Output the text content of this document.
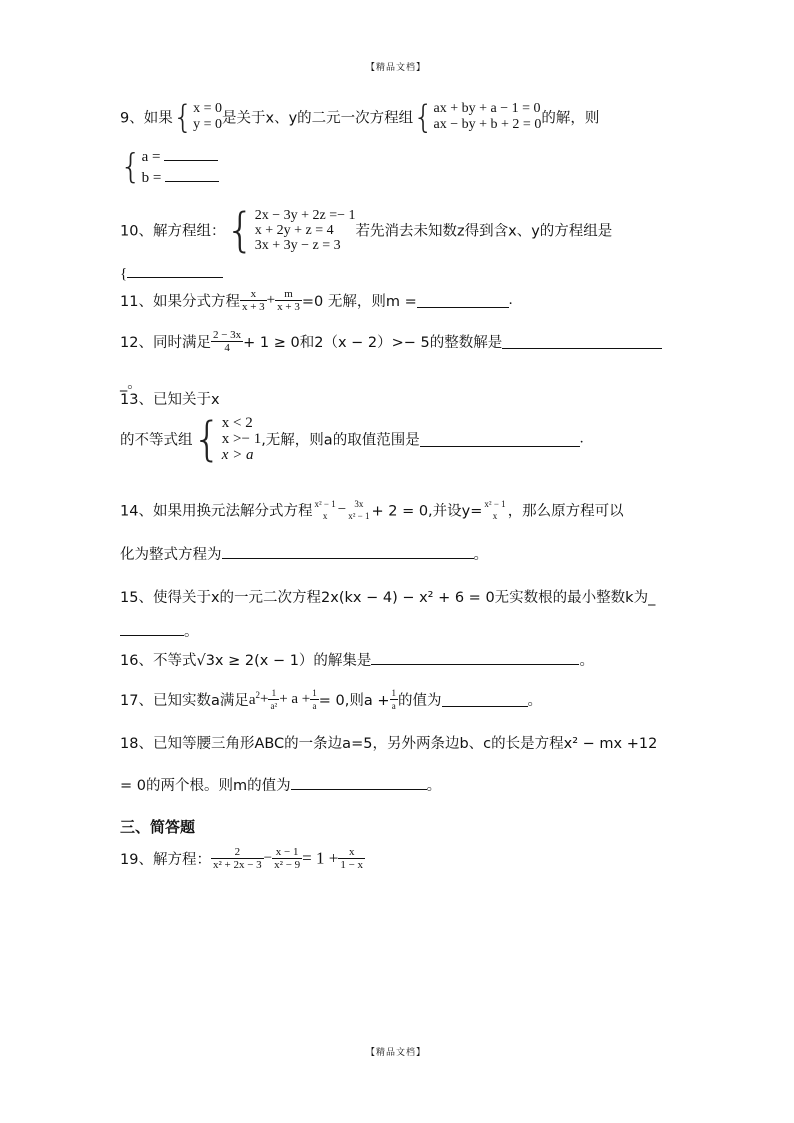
【精品文档】
9、如果{ x = 0
y = 0 是关于x、y的二元一次方程组{ ax + by + a − 1 = 0
ax − by + b + 2 = 0 的解，则
{ a =
b =
10、解方程组：{ 2x − 3y + 2z =− 1
x + 2y + z = 4
3x + 3y − z = 3
若先消去未知数z得到含x、y的方程组是
{
11、如果分式方程 $\frac{x}{x + 3} + \frac{m}{x + 3} =0$ 无解，则m =	.
12、同时满足 $\frac{2 - 3x}{4} + 1 \ge 0$和2（x − 2）>− 5的整数解是
_。
13、已知关于x
的不等式组{ x < 2
x >− 1
x > a
,无解，则a的取值范围是	.
14、如果用换元法解分式方程 x² − 1
x − 3x
x² − 1 + 2 = 0,并设y= x² − 1
x ，那么原方程可以
化为整式方程为	。
15、使得关于x的一元二次方程2x(kx − 4) − x² + 6 = 0无实数根的最小整数k为_
。
16、不等式√3x ≥ 2(x − 1）的解集是	。
17、已知实数a满足$a^2+ \frac{1}{\text{a²}} + a + \frac{1}{a} = 0$,则$a + \frac{1}{a}$ 的值为	。
18、已知等腰三角形ABC的一条边a=5，另外两条边b、c的长是方程x² − mx +12
= 0的两个根。则m的值为	。
三、简答题
19、解方程： $\frac{2}{\text{x² + 2x − 3}} - \frac{x - 1}{\text{x² − 9}} = 1 + \frac{x}{1 - x}$
【精品文档】
